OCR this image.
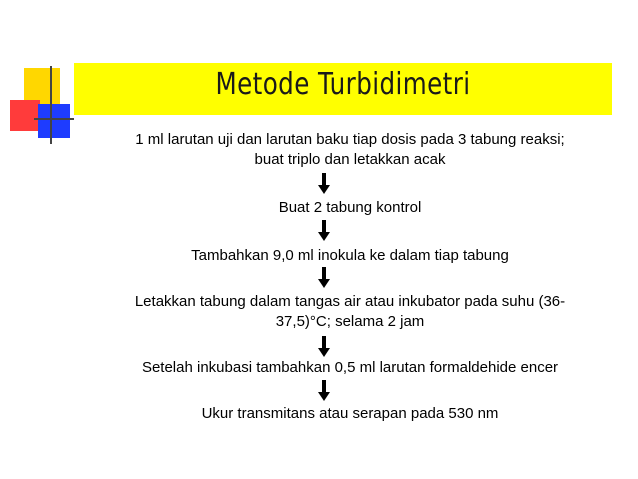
Metode Turbidimetri
1 ml larutan uji dan larutan baku tiap dosis pada 3 tabung reaksi;
buat triplo dan letakkan acak
Buat 2 tabung kontrol
Tambahkan 9,0 ml inokula ke dalam tiap tabung
Letakkan tabung dalam tangas air atau inkubator pada suhu (36-
37,5)°C; selama 2 jam
Setelah inkubasi tambahkan 0,5 ml larutan formaldehide encer
Ukur transmitans atau serapan pada 530 nm
